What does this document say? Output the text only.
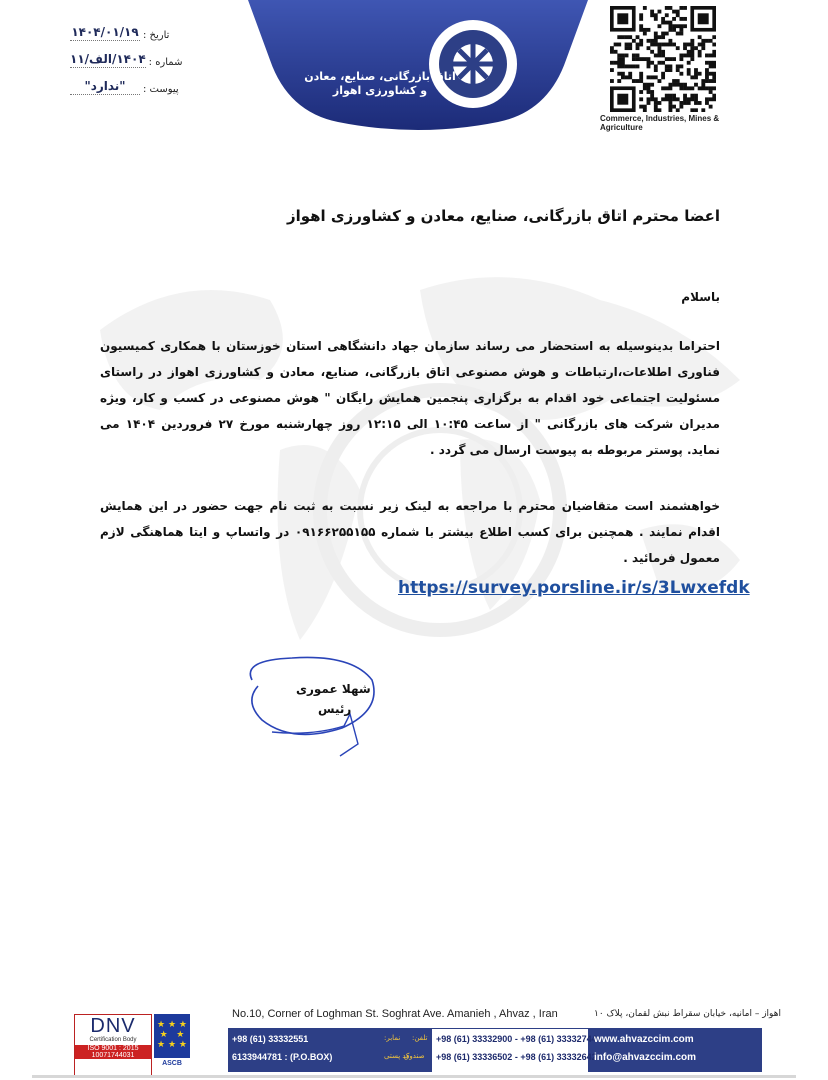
تاریخ :
۱۴۰۴/۰۱/۱۹
شماره :
۱۴۰۴/الف/۱۱
پیوست :
"ندارد"
اتاق بازرگانی، صنایع، معادن و کشاورزی اهواز
Commerce, Industries, Mines & Agriculture
اعضا محترم اتاق بازرگانی، صنایع، معادن و کشاورزی اهواز
باسلام
احتراما بدینوسیله به استحضار می رساند سازمان جهاد دانشگاهی استان خوزستان با همکاری کمیسیون فناوری اطلاعات،ارتباطات و هوش مصنوعی اتاق بازرگانی، صنایع، معادن و کشاورزی اهواز در راستای مسئولیت اجتماعی خود اقدام به برگزاری پنجمین همایش رایگان " هوش مصنوعی در کسب و کار، ویژه مدیران شرکت های بازرگانی " از ساعت ۱۰:۴۵ الی ۱۲:۱۵ روز چهارشنبه مورخ ۲۷ فروردین ۱۴۰۴ می نماید. پوستر مربوطه به پیوست ارسال می گردد .
خواهشمند است متقاضیان محترم با مراجعه به لینک زیر نسبت به ثبت نام جهت حضور در این همایش اقدام نمایند . همچنین برای کسب اطلاع بیشتر با شماره ۰۹۱۶۶۲۵۵۱۵۵ در واتساپ و ایتا هماهنگی لازم معمول فرمائید .
https://survey.porsline.ir/s/3Lwxefdk
شهلا عموری
رئیس
DNV
Certification Body
ISO 9001 : 2015
10071744031
★ ★ ★
★   ★
★ ★ ★
ASCB
No.10, Corner of Loghman St. Soghrat Ave. Amanieh , Ahvaz , Iran	اهواز – امانیه، خیابان سقراط نبش لقمان، پلاک ۱۰
+98 (61) 33332551
6133944781 : (P.O.BOX)
نمابر:
کد پستی
+98 (61) 33332900 - +98 (61) 33332744
+98 (61) 33336502 - +98 (61) 33332642
تلفن:
صندوق
www.ahvazccim.com
info@ahvazccim.com
